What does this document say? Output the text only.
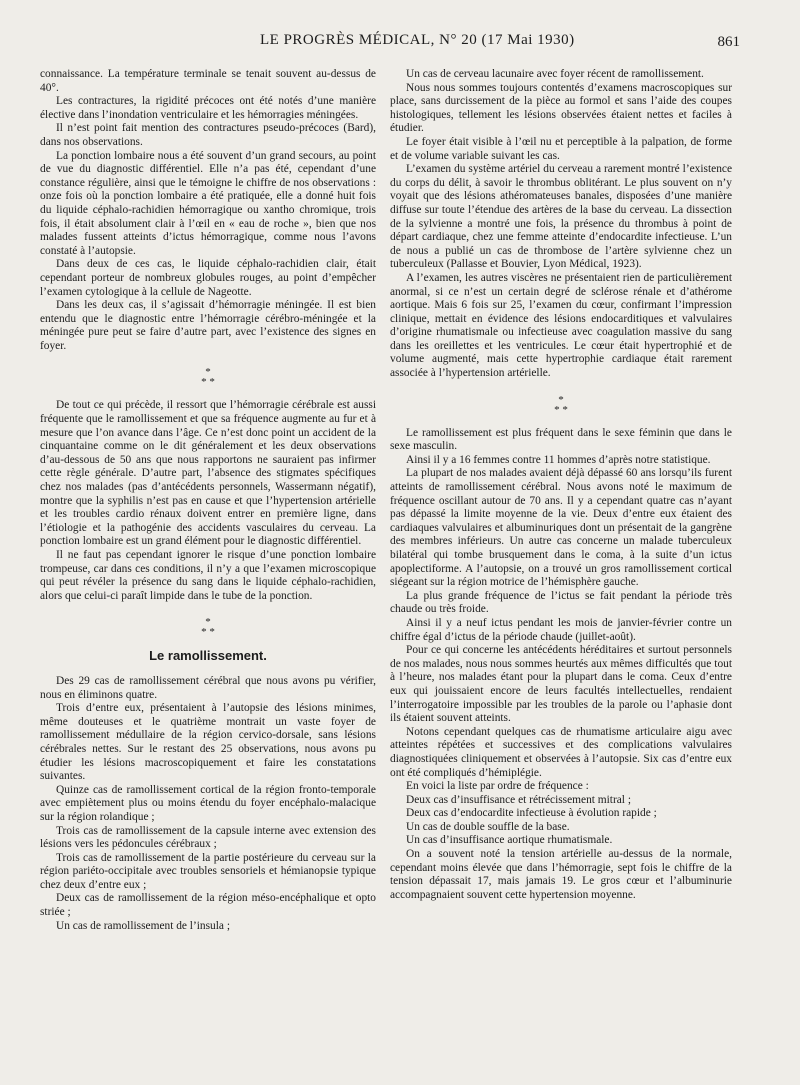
LE PROGRÈS MÉDICAL, N° 20 (17 Mai 1930)	861

connaissance. La température terminale se tenait souvent au-dessus de 40°.

Les contractures, la rigidité précoces ont été notés d’une manière élective dans l’inondation ventriculaire et les hémorragies méningées.

Il n’est point fait mention des contractures pseudo-précoces (Bard), dans nos observations.

La ponction lombaire nous a été souvent d’un grand secours, au point de vue du diagnostic différentiel. Elle n’a pas été, cependant d’une constance régulière, ainsi que le témoigne le chiffre de nos observations : onze fois où la ponction lombaire a été pratiquée, elle a donné huit fois du liquide céphalo-rachidien hémorragique ou xantho chromique, trois fois, il était absolument clair à l’œil en « eau de roche », bien que nos malades fussent atteints d’ictus hémorragique, comme nous l’avons constaté à l’autopsie.

Dans deux de ces cas, le liquide céphalo-rachidien clair, était cependant porteur de nombreux globules rouges, au point d’empêcher l’examen cytologique à la cellule de Nageotte.

Dans les deux cas, il s’agissait d’hémorragie méningée. Il est bien entendu que le diagnostic entre l’hémorragie cérébro-méningée et la méningée pure peut se faire d’autre part, avec l’existence des signes en foyer.

*
* *

De tout ce qui précède, il ressort que l’hémorragie cérébrale est aussi fréquente que le ramollissement et que sa fréquence augmente au fur et à mesure que l’on avance dans l’âge. Ce n’est donc point un accident de la cinquantaine comme on le dit généralement et les deux observations d’au-dessous de 50 ans que nous rapportons ne sauraient pas infirmer cette règle générale. D’autre part, l’absence des stigmates spécifiques chez nos malades (pas d’antécédents personnels, Wassermann négatif), montre que la syphilis n’est pas en cause et que l’hypertension artérielle et les troubles cardio rénaux doivent entrer en première ligne, dans l’étiologie et la pathogénie des accidents vasculaires du cerveau. La ponction lombaire est un grand élément pour le diagnostic différentiel.

Il ne faut pas cependant ignorer le risque d’une ponction lombaire trompeuse, car dans ces conditions, il n’y a que l’examen microscopique qui peut révéler la présence du sang dans le liquide céphalo-rachidien, alors que celui-ci paraît limpide dans le tube de la ponction.

*
* *
Le ramollissement.

Des 29 cas de ramollissement cérébral que nous avons pu vérifier, nous en éliminons quatre.

Trois d’entre eux, présentaient à l’autopsie des lésions minimes, même douteuses et le quatrième montrait un vaste foyer de ramollissement médullaire de la région cervico-dorsale, sans lésions cérébrales nettes. Sur le restant des 25 observations, nous avons pu étudier les lésions macroscopiquement et faire les constatations suivantes.

Quinze cas de ramollissement cortical de la région fronto-temporale avec empiètement plus ou moins étendu du foyer encéphalo-malacique sur la région rolandique ;

Trois cas de ramollissement de la capsule interne avec extension des lésions vers les pédoncules cérébraux ;

Trois cas de ramollissement de la partie postérieure du cerveau sur la région pariéto-occipitale avec troubles sensoriels et hémianopsie typique chez deux d’entre eux ;

Deux cas de ramollissement de la région méso-encéphalique et opto striée ;

Un cas de ramollissement de l’insula ;

Un cas de cerveau lacunaire avec foyer récent de ramollissement.

Nous nous sommes toujours contentés d’examens macroscopiques sur place, sans durcissement de la pièce au formol et sans l’aide des coupes histologiques, tellement les lésions observées étaient nettes et faciles à étudier.

Le foyer était visible à l’œil nu et perceptible à la palpation, de forme et de volume variable suivant les cas.

L’examen du système artériel du cerveau a rarement montré l’existence du corps du délit, à savoir le thrombus oblitérant. Le plus souvent on n’y voyait que des lésions athéromateuses banales, disposées d’une manière diffuse sur toute l’étendue des artères de la base du cerveau. La dissection de la sylvienne a montré une fois, la présence du thrombus à point de départ cardiaque, chez une femme atteinte d’endocardite infectieuse. L’un de nous a publié un cas de thrombose de l’artère sylvienne chez un tuberculeux (Pallasse et Bouvier, Lyon Médical, 1923).

A l’examen, les autres viscères ne présentaient rien de particulièrement anormal, si ce n’est un certain degré de sclérose rénale et d’athérome aortique. Mais 6 fois sur 25, l’examen du cœur, confirmant l’impression clinique, mettait en évidence des lésions endocarditiques et valvulaires d’origine rhumatismale ou infectieuse avec coagulation massive du sang dans les oreillettes et les ventricules. Le cœur était hypertrophié et de volume augmenté, mais cette hypertrophie cardiaque était rarement associée à l’hypertension artérielle.

*
* *

Le ramollissement est plus fréquent dans le sexe féminin que dans le sexe masculin.

Ainsi il y a 16 femmes contre 11 hommes d’après notre statistique.

La plupart de nos malades avaient déjà dépassé 60 ans lorsqu’ils furent atteints de ramollissement cérébral. Nous avons noté le maximum de fréquence oscillant autour de 70 ans. Il y a cependant quatre cas n’ayant pas dépassé la limite moyenne de la vie. Deux d’entre eux étaient des cardiaques valvulaires et albuminuriques dont un présentait de la gangrène des membres inférieurs. Un autre cas concerne un malade tuberculeux bilatéral qui tombe brusquement dans le coma, à la suite d’un ictus apoplectiforme. A l’autopsie, on a trouvé un gros ramollissement cortical siégeant sur la région motrice de l’hémisphère gauche.

La plus grande fréquence de l’ictus se fait pendant la période très chaude ou très froide.

Ainsi il y a neuf ictus pendant les mois de janvier-février contre un chiffre égal d’ictus de la période chaude (juillet-août).

Pour ce qui concerne les antécédents héréditaires et surtout personnels de nos malades, nous nous sommes heurtés aux mêmes difficultés que tout à l’heure, nos malades étant pour la plupart dans le coma. Ceux d’entre eux qui jouissaient encore de leurs facultés intellectuelles, rendaient l’interrogatoire impossible par les troubles de la parole ou l’aphasie dont ils étaient souvent atteints.

Notons cependant quelques cas de rhumatisme articulaire aigu avec atteintes répétées et successives et des complications valvulaires diagnostiquées cliniquement et observées à l’autopsie. Six cas d’entre eux ont été compliqués d’hémiplégie.

En voici la liste par ordre de fréquence :

Deux cas d’insuffisance et rétrécissement mitral ;

Deux cas d’endocardite infectieuse à évolution rapide ;

Un cas de double souffle de la base.

Un cas d’insuffisance aortique rhumatismale.

On a souvent noté la tension artérielle au-dessus de la normale, cependant moins élevée que dans l’hémorragie, sept fois le chiffre de la tension dépassait 17, mais jamais 19. Le gros cœur et l’albuminurie accompagnaient souvent cette hypertension moyenne.
